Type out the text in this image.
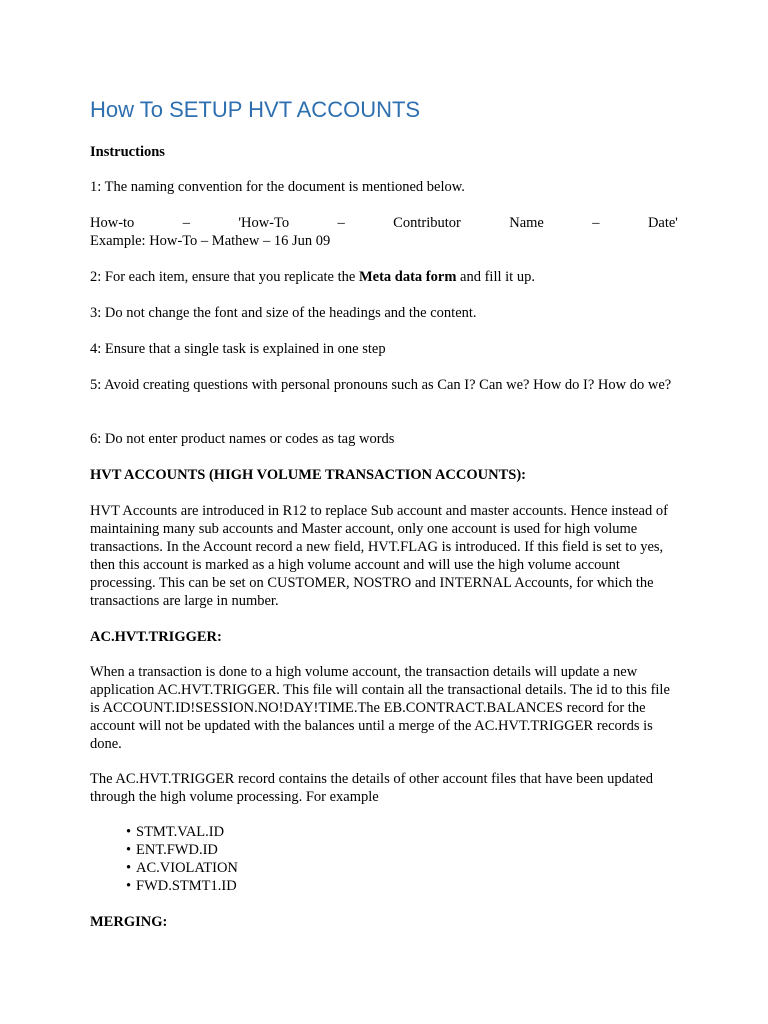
How To SETUP HVT ACCOUNTS

Instructions

1: The naming convention for the document is mentioned below.

How-to	–	'How-To	–	Contributor	Name	–	Date'
Example: How-To – Mathew – 16 Jun 09

2: For each item, ensure that you replicate the Meta data form and fill it up.

3: Do not change the font and size of the headings and the content.

4: Ensure that a single task is explained in one step

5: Avoid creating questions with personal pronouns such as Can I? Can we? How do I? How do we?

6: Do not enter product names or codes as tag words

HVT ACCOUNTS (HIGH VOLUME TRANSACTION ACCOUNTS):

HVT Accounts are introduced in R12 to replace Sub account and master accounts. Hence instead of maintaining many sub accounts and Master account, only one account is used for high volume transactions. In the Account record a new field, HVT.FLAG is introduced. If this field is set to yes, then this account is marked as a high volume account and will use the high volume account processing. This can be set on CUSTOMER, NOSTRO and INTERNAL Accounts, for which the transactions are large in number.

AC.HVT.TRIGGER:

When a transaction is done to a high volume account, the transaction details will update a new application AC.HVT.TRIGGER. This file will contain all the transactional details. The id to this file is ACCOUNT.ID!SESSION.NO!DAY!TIME.The EB.CONTRACT.BALANCES record for the account will not be updated with the balances until a merge of the AC.HVT.TRIGGER records is done.

The AC.HVT.TRIGGER record contains the details of other account files that have been updated through the high volume processing. For example

• STMT.VAL.ID
• ENT.FWD.ID
• AC.VIOLATION
• FWD.STMT1.ID

MERGING:
